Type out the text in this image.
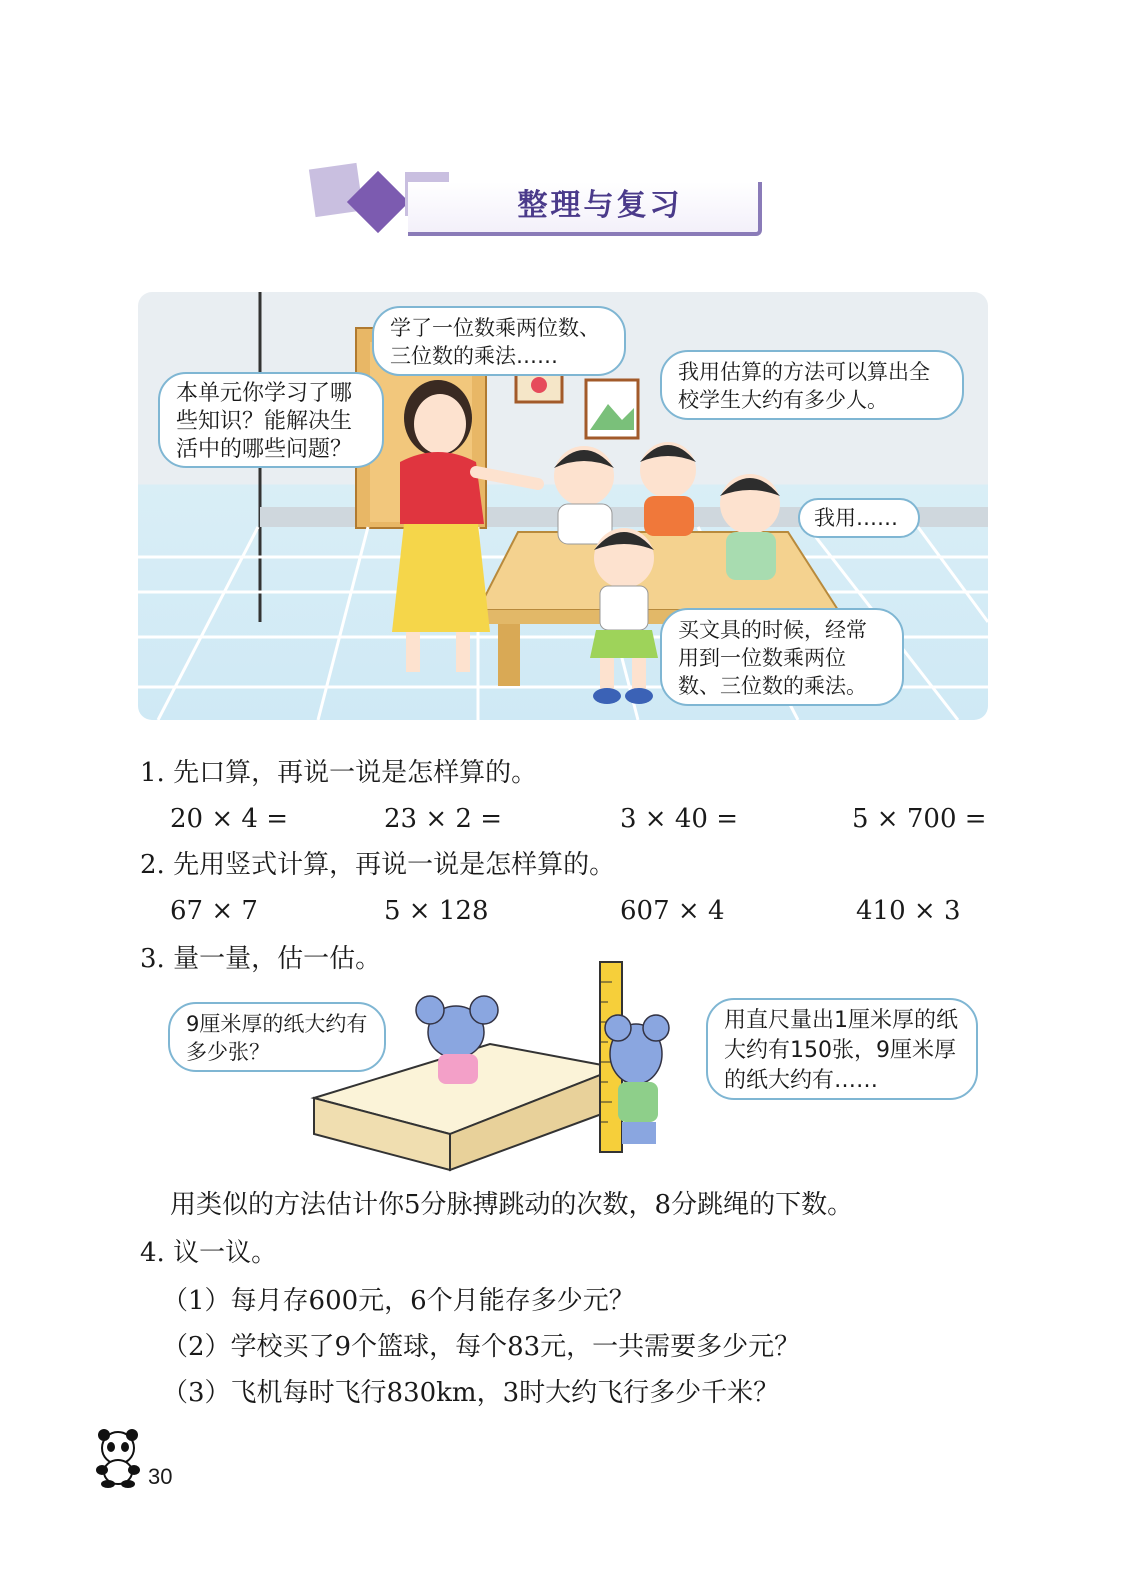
整理与复习
本单元你学习了哪些知识？能解决生活中的哪些问题？
学了一位数乘两位数、三位数的乘法……
我用估算的方法可以算出全校学生大约有多少人。
我用……
买文具的时候，经常用到一位数乘两位数、三位数的乘法。
1. 先口算，再说一说是怎样算的。
20 × 4 =	23 × 2 =	3 × 40 =	5 × 700 =
2. 先用竖式计算，再说一说是怎样算的。
67 × 7	5 × 128	607 × 4	410 × 3
3. 量一量，估一估。
9厘米厚的纸大约有多少张？
用直尺量出1厘米厚的纸大约有150张，9厘米厚的纸大约有……
用类似的方法估计你5分脉搏跳动的次数，8分跳绳的下数。
4. 议一议。
（1）每月存600元，6个月能存多少元？
（2）学校买了9个篮球，每个83元，一共需要多少元？
（3）飞机每时飞行830km，3时大约飞行多少千米？
30
